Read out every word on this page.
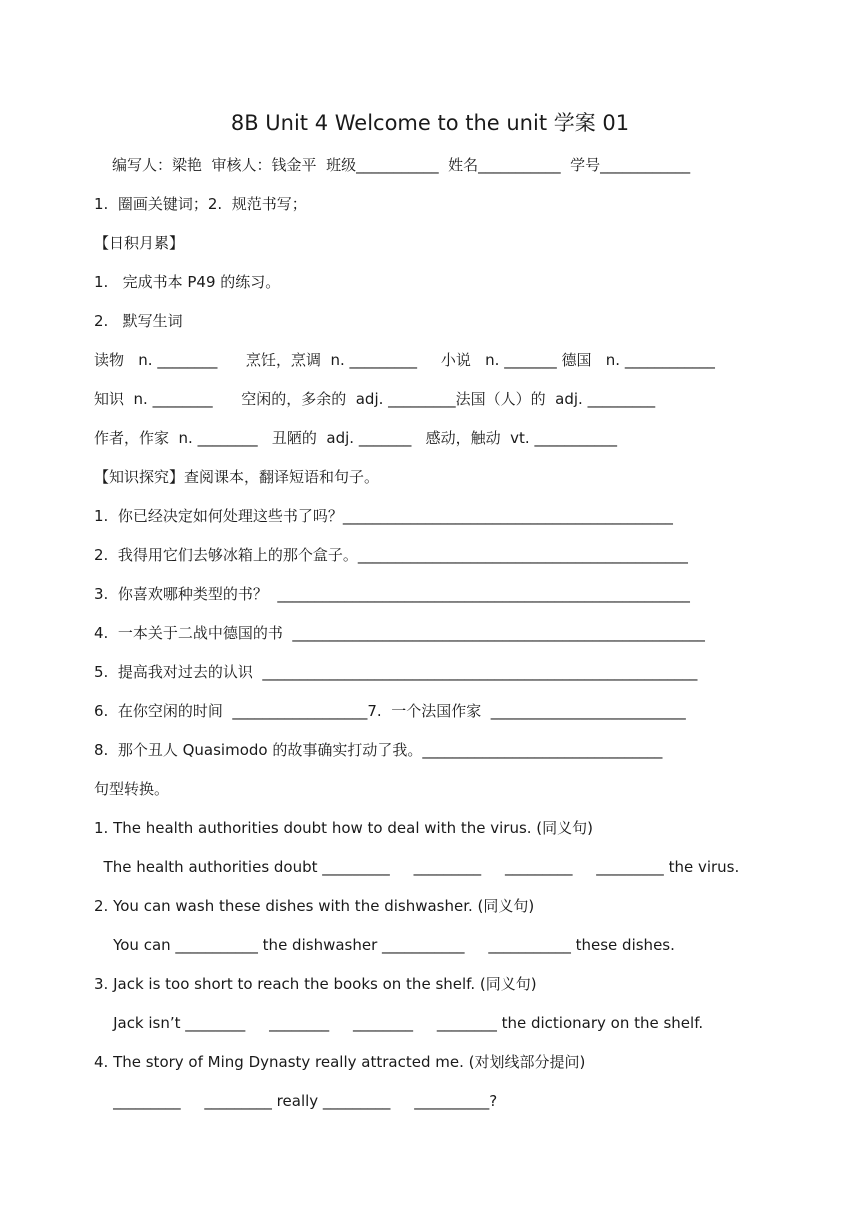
8B Unit 4 Welcome to the unit 学案 01
编写人：梁艳  审核人：钱金平  班级___________  姓名___________  学号____________
1.  圈画关键词；2.  规范书写；
【日积月累】
1.   完成书本 P49 的练习。
2.   默写生词
读物   n. ________      烹饪，烹调  n. _________     小说   n. _______ 德国   n. ____________
知识  n. ________      空闲的，多余的  adj. _________法国（人）的  adj. _________
作者，作家  n. ________   丑陋的  adj. _______   感动，触动  vt. ___________
【知识探究】查阅课本，翻译短语和句子。
1.  你已经决定如何处理这些书了吗？____________________________________________
2.  我得用它们去够冰箱上的那个盒子。____________________________________________
3.  你喜欢哪种类型的书？  _______________________________________________________
4.  一本关于二战中德国的书  _______________________________________________________
5.  提高我对过去的认识  __________________________________________________________
6.  在你空闲的时间  __________________7.  一个法国作家  __________________________
8.  那个丑人 Quasimodo 的故事确实打动了我。________________________________
句型转换。
1. The health authorities doubt how to deal with the virus. (同义句)
The health authorities doubt _________     _________     _________     _________ the virus.
2. You can wash these dishes with the dishwasher. (同义句)
You can ___________ the dishwasher ___________     ___________ these dishes.
3. Jack is too short to reach the books on the shelf. (同义句)
Jack isn’t ________     ________     ________     ________ the dictionary on the shelf.
4. The story of Ming Dynasty really attracted me. (对划线部分提问)
_________     _________ really _________     __________?
